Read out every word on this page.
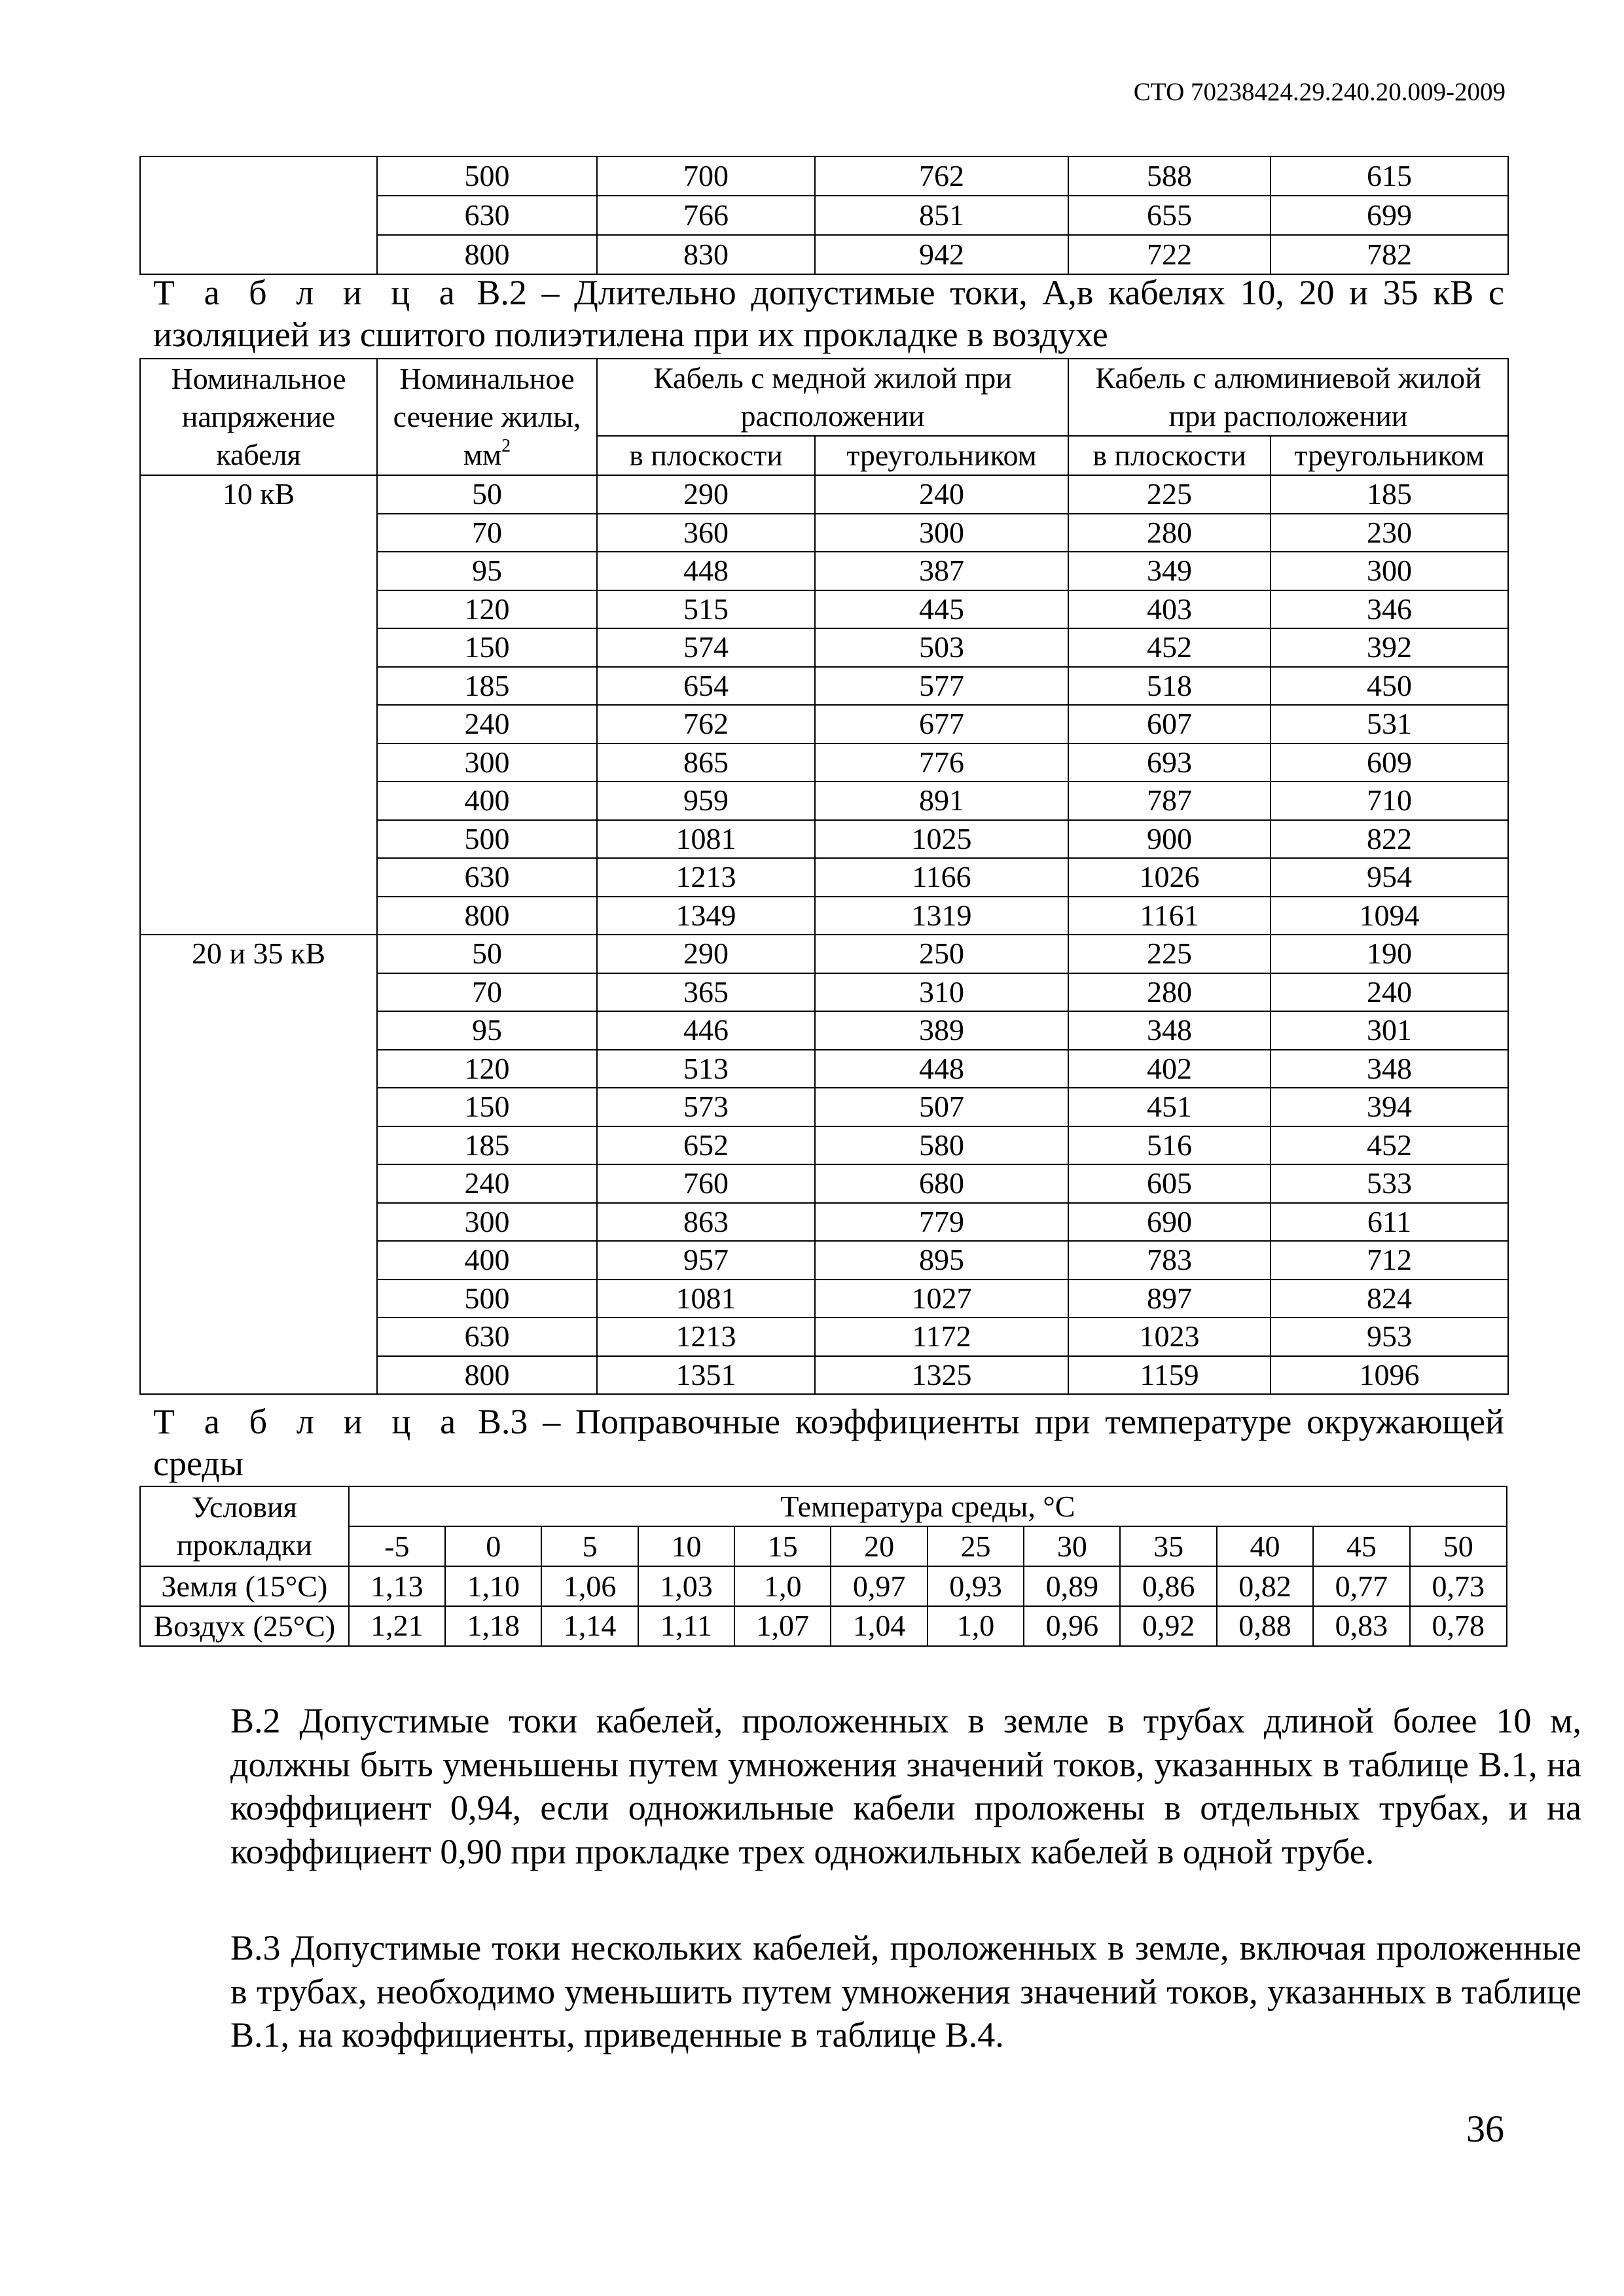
СТО 70238424.29.240.20.009-2009
	500	700	762	588	615
	630	766	851	655	699
	800	830	942	722	782
Т а б л и ц а В.2 – Длительно допустимые токи, А,в кабелях 10, 20 и 35 кВ с изоляцией из сшитого полиэтилена при их прокладке в воздухе
Номинальное напряжение кабеля	Номинальное сечение жилы, $мм^2$	Кабель с медной жилой при расположении		Кабель с алюминиевой жилой при расположении	

		в плоскости	треугольником	в плоскости	треугольником
10 кВ	50	290	240	225	185
	70	360	300	280	230
	95	448	387	349	300
	120	515	445	403	346
	150	574	503	452	392
	185	654	577	518	450
	240	762	677	607	531
	300	865	776	693	609
	400	959	891	787	710
	500	1081	1025	900	822
	630	1213	1166	1026	954
	800	1349	1319	1161	1094
20 и 35 кВ	50	290	250	225	190
	70	365	310	280	240
	95	446	389	348	301
	120	513	448	402	348
	150	573	507	451	394
	185	652	580	516	452
	240	760	680	605	533
	300	863	779	690	611
	400	957	895	783	712
	500	1081	1027	897	824
	630	1213	1172	1023	953
	800	1351	1325	1159	1096
Т а б л и ц а В.3 – Поправочные коэффициенты при температуре окружающей среды
Условия прокладки	Температура среды, °С											
	-5	0	5	10	15	20	25	30	35	40	45	50
Земля (15°С)	1,13	1,10	1,06	1,03	1,0	0,97	0,93	0,89	0,86	0,82	0,77	0,73
Воздух (25°С)	1,21	1,18	1,14	1,11	1,07	1,04	1,0	0,96	0,92	0,88	0,83	0,78
В.2 Допустимые токи кабелей, проложенных в земле в трубах длиной более 10 м, должны быть уменьшены путем умножения значений токов, указанных в таблице В.1, на коэффициент 0,94, если одножильные кабели проложены в отдельных трубах, и на коэффициент 0,90 при прокладке трех одножильных кабелей в одной трубе.
В.3 Допустимые токи нескольких кабелей, проложенных в земле, включая проложенные в трубах, необходимо уменьшить путем умножения значений токов, указанных в таблице В.1, на коэффициенты, приведенные в таблице В.4.
36
